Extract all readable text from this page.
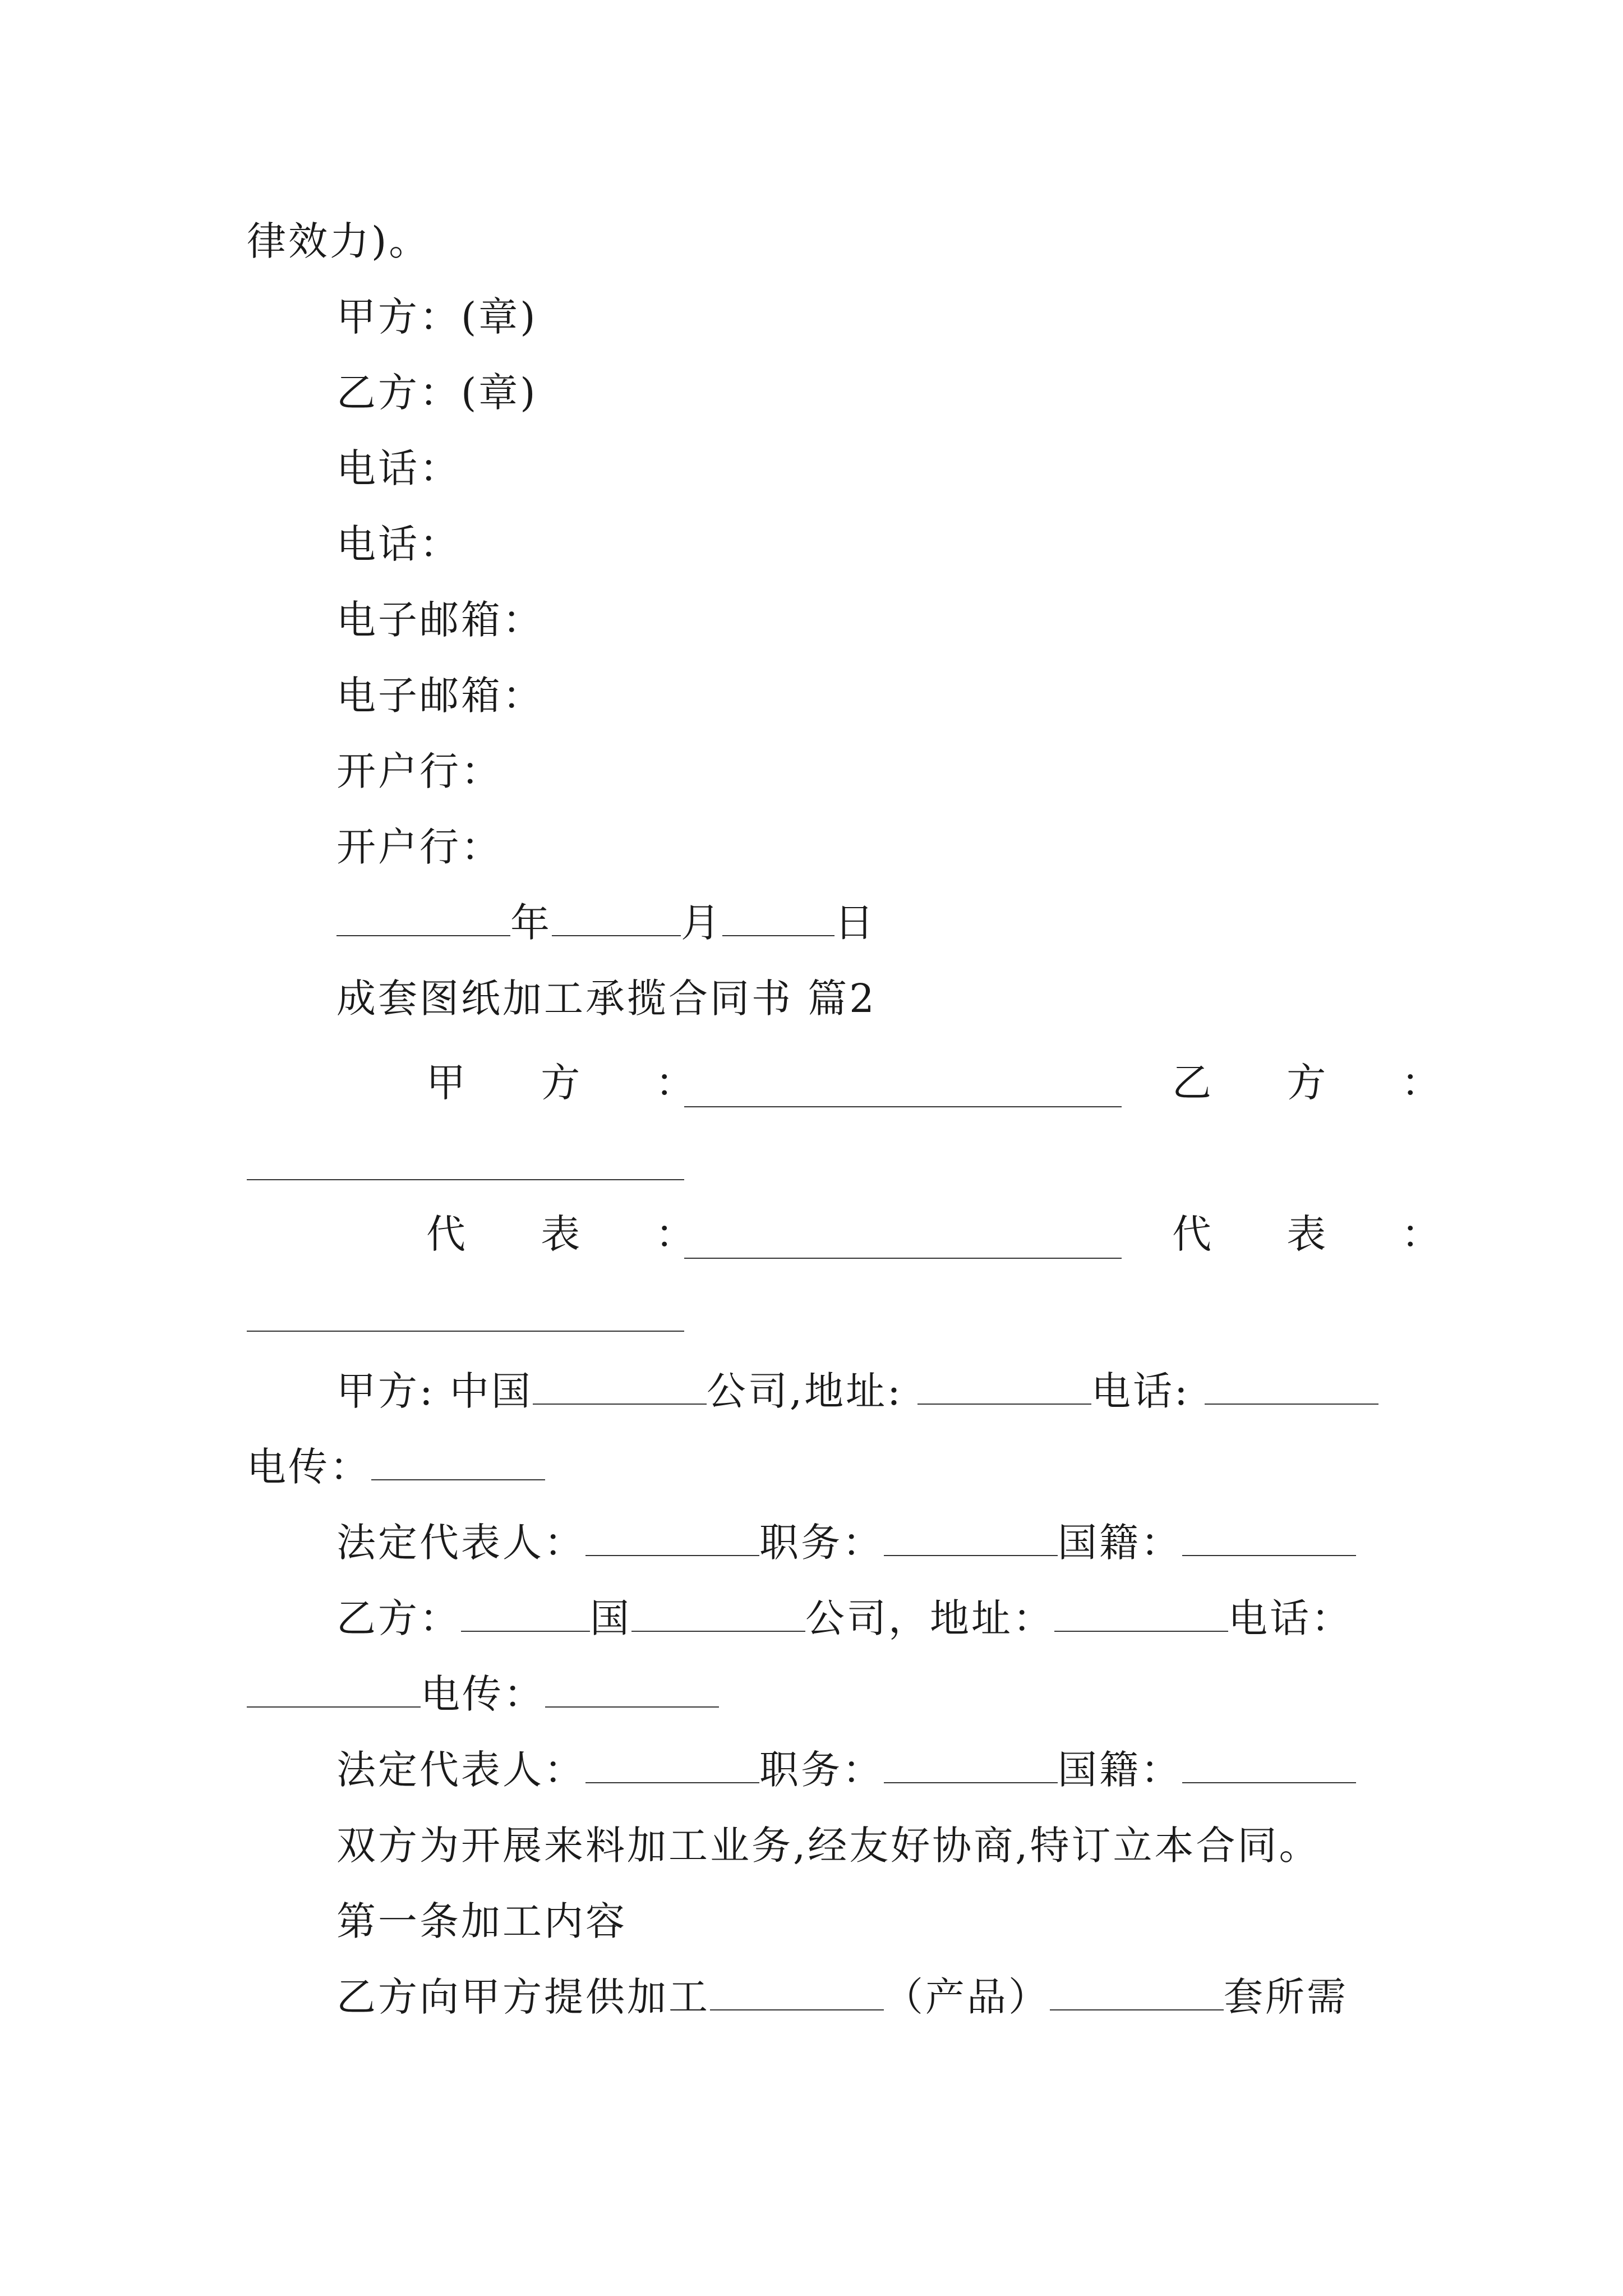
律效力)。
甲方：(章)
乙方：(章)
电话：
电话：
电子邮箱：
电子邮箱：
开户行：
开户行：
年	月	日
成套图纸加工承揽合同书 篇2
甲 方 ：	乙 方 ：
代 表 ：	代 表 ：
甲方: 中国	公司,地址:	电话:
电传：
法定代表人：	职务：	国籍：
乙方：	国	公司，地址：	电话：
电传：
法定代表人：	职务：	国籍：
双方为开展来料加工业务,经友好协商,特订立本合同。
第一条加工内容
乙方向甲方提供加工	（产品）	套所需
